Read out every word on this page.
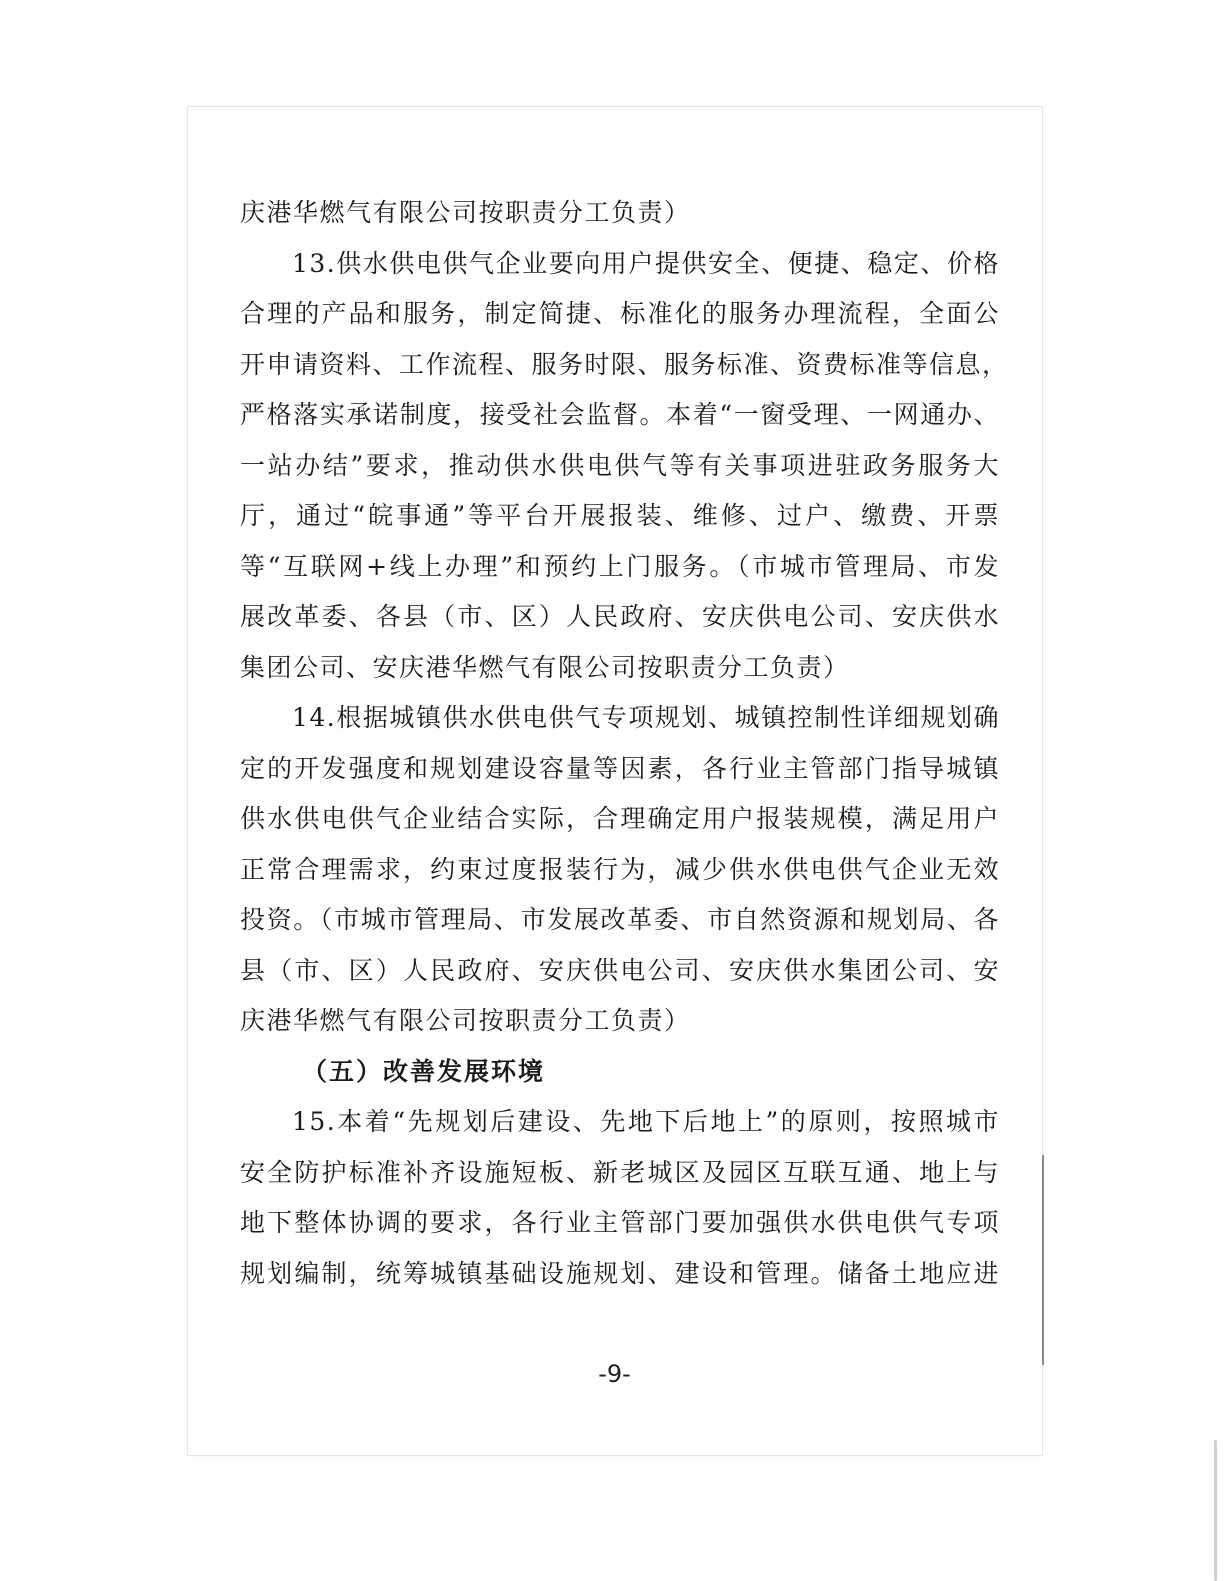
庆港华燃气有限公司按职责分工负责）
13.供水供电供气企业要向用户提供安全、便捷、稳定、价格
合理的产品和服务，制定简捷、标准化的服务办理流程，全面公
开申请资料、工作流程、服务时限、服务标准、资费标准等信息，
严格落实承诺制度，接受社会监督。本着“一窗受理、一网通办、
一站办结”要求，推动供水供电供气等有关事项进驻政务服务大
厅，通过“皖事通”等平台开展报装、维修、过户、缴费、开票
等“互联网+线上办理”和预约上门服务。（市城市管理局、市发
展改革委、各县（市、区）人民政府、安庆供电公司、安庆供水
集团公司、安庆港华燃气有限公司按职责分工负责）
14.根据城镇供水供电供气专项规划、城镇控制性详细规划确
定的开发强度和规划建设容量等因素，各行业主管部门指导城镇
供水供电供气企业结合实际，合理确定用户报装规模，满足用户
正常合理需求，约束过度报装行为，减少供水供电供气企业无效
投资。（市城市管理局、市发展改革委、市自然资源和规划局、各
县（市、区）人民政府、安庆供电公司、安庆供水集团公司、安
庆港华燃气有限公司按职责分工负责）
（五）改善发展环境
15.本着“先规划后建设、先地下后地上”的原则，按照城市
安全防护标准补齐设施短板、新老城区及园区互联互通、地上与
地下整体协调的要求，各行业主管部门要加强供水供电供气专项
规划编制，统筹城镇基础设施规划、建设和管理。储备土地应进
-9-
